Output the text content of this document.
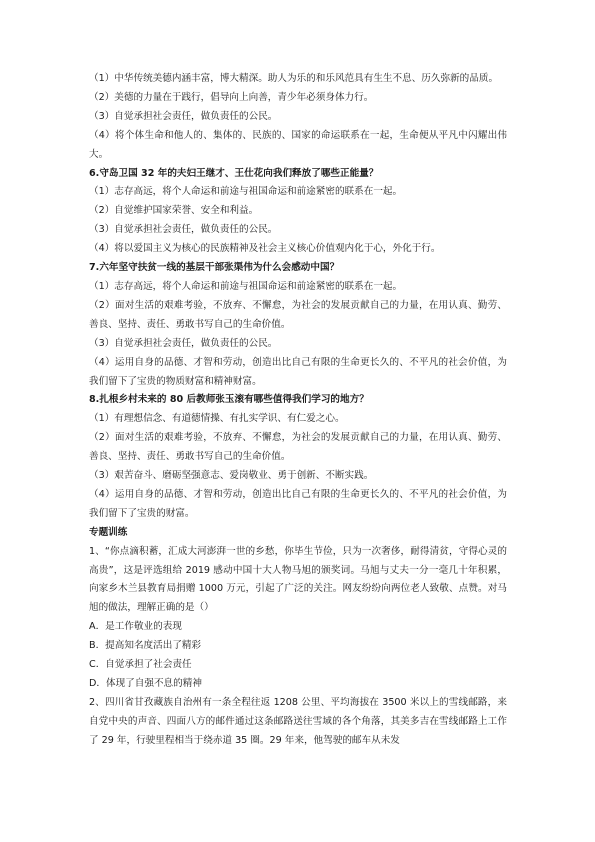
（1）中华传统美德内涵丰富，博大精深。助人为乐的和乐风范具有生生不息、历久弥新的品质。

（2）美德的力量在于践行，倡导向上向善，青少年必须身体力行。

（3）自觉承担社会责任，做负责任的公民。

（4）将个体生命和他人的、集体的、民族的、国家的命运联系在一起，生命便从平凡中闪耀出伟大。

6.守岛卫国 32 年的夫妇王继才、王仕花向我们释放了哪些正能量？

（1）志存高远，将个人命运和前途与祖国命运和前途紧密的联系在一起。

（2）自觉维护国家荣誉、安全和利益。

（3）自觉承担社会责任，做负责任的公民。

（4）将以爱国主义为核心的民族精神及社会主义核心价值观内化于心，外化于行。

7.六年坚守扶贫一线的基层干部张渠伟为什么会感动中国？

（1）志存高远，将个人命运和前途与祖国命运和前途紧密的联系在一起。

（2）面对生活的艰难考验，不放弃、不懈怠，为社会的发展贡献自己的力量，在用认真、勤劳、善良、坚持、责任、勇敢书写自己的生命价值。

（3）自觉承担社会责任，做负责任的公民。

（4）运用自身的品德、才智和劳动，创造出比自己有限的生命更长久的、不平凡的社会价值，为我们留下了宝贵的物质财富和精神财富。

8.扎根乡村未来的 80 后教师张玉滚有哪些值得我们学习的地方？

（1）有理想信念、有道德情操、有扎实学识、有仁爱之心。

（2）面对生活的艰难考验，不放弃、不懈怠，为社会的发展贡献自己的力量，在用认真、勤劳、善良、坚持、责任、勇敢书写自己的生命价值。

（3）艰苦奋斗、磨砺坚强意志、爱岗敬业、勇于创新、不断实践。

（4）运用自身的品德、才智和劳动，创造出比自己有限的生命更长久的、不平凡的社会价值，为我们留下了宝贵的财富。

专题训练

1、“你点滴积蓄，汇成大河澎湃一世的乡愁，你毕生节俭，只为一次奢侈，耐得清贫，守得心灵的高贵”，这是评选组给 2019 感动中国十大人物马旭的颁奖词。马旭与丈夫一分一毫几十年积累，向家乡木兰县教育局捐赠 1000 万元，引起了广泛的关注。网友纷纷向两位老人致敬、点赞。对马旭的做法，理解正确的是（）

A．是工作敬业的表现

B．提高知名度活出了精彩

C．自觉承担了社会责任

D．体现了自强不息的精神

2、四川省甘孜藏族自治州有一条全程往返 1208 公里、平均海拔在 3500 米以上的雪线邮路，来自党中央的声音、四面八方的邮件通过这条邮路送往雪域的各个角落，其美多吉在雪线邮路上工作了 29 年，行驶里程相当于绕赤道 35 圈。29 年来，他驾驶的邮车从未发
